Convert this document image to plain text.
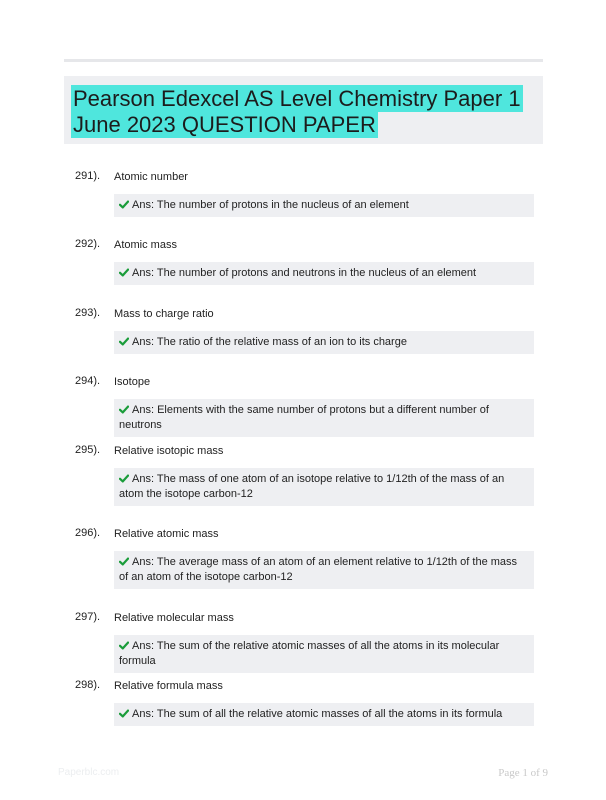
Pearson Edexcel AS Level Chemistry Paper 1 June 2023 QUESTION PAPER
291). Atomic number
Ans: The number of protons in the nucleus of an element
292). Atomic mass
Ans: The number of protons and neutrons in the nucleus of an element
293). Mass to charge ratio
Ans: The ratio of the relative mass of an ion to its charge
294). Isotope
Ans: Elements with the same number of protons but a different number of neutrons
295). Relative isotopic mass
Ans: The mass of one atom of an isotope relative to 1/12th of the mass of an atom the isotope carbon-12
296). Relative atomic mass
Ans: The average mass of an atom of an element relative to 1/12th of the mass of an atom of the isotope carbon-12
297). Relative molecular mass
Ans: The sum of the relative atomic masses of all the atoms in its molecular formula
298). Relative formula mass
Ans: The sum of all the relative atomic masses of all the atoms in its formula
Paperblc.com	Page 1 of 9
